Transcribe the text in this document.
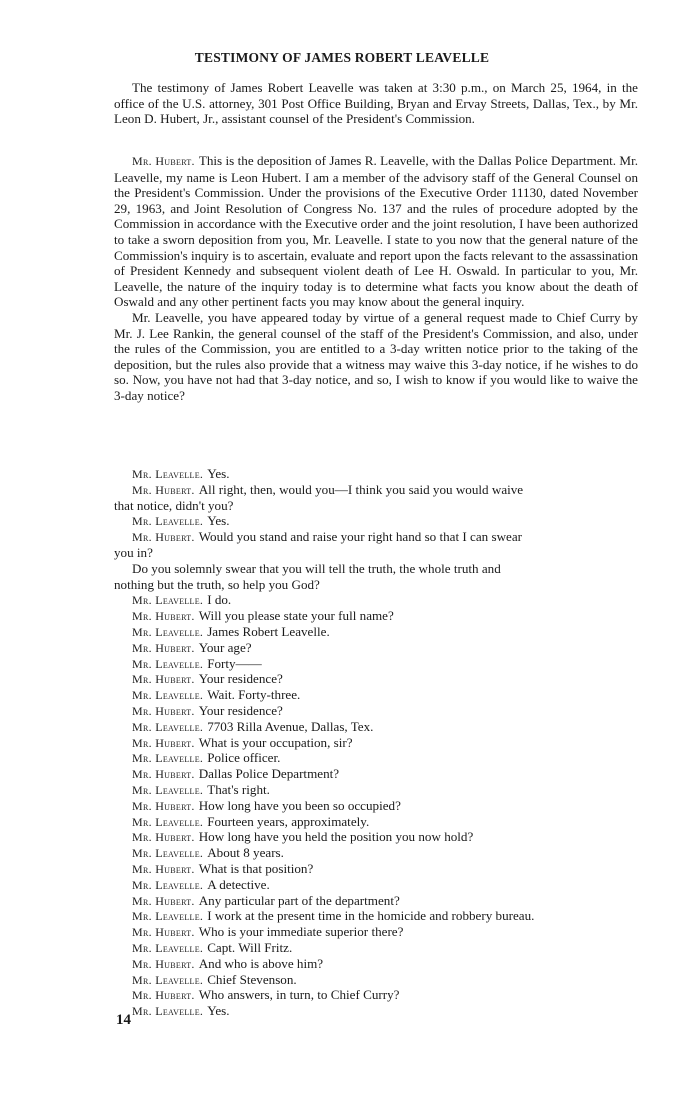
TESTIMONY OF JAMES ROBERT LEAVELLE

The testimony of James Robert Leavelle was taken at 3:30 p.m., on March 25, 1964, in the office of the U.S. attorney, 301 Post Office Building, Bryan and Ervay Streets, Dallas, Tex., by Mr. Leon D. Hubert, Jr., assistant counsel of the President's Commission.

Mr. Hubert. This is the deposition of James R. Leavelle, with the Dallas Police Department. Mr. Leavelle, my name is Leon Hubert. I am a member of the advisory staff of the General Counsel on the President's Commission. Under the provisions of the Executive Order 11130, dated November 29, 1963, and Joint Resolution of Congress No. 137 and the rules of procedure adopted by the Commission in accordance with the Executive order and the joint resolution, I have been authorized to take a sworn deposition from you, Mr. Leavelle. I state to you now that the general nature of the Commission's inquiry is to ascertain, evaluate and report upon the facts relevant to the assassination of President Kennedy and subsequent violent death of Lee H. Oswald. In particular to you, Mr. Leavelle, the nature of the inquiry today is to determine what facts you know about the death of Oswald and any other pertinent facts you may know about the general inquiry.

Mr. Leavelle, you have appeared today by virtue of a general request made to Chief Curry by Mr. J. Lee Rankin, the general counsel of the staff of the President's Commission, and also, under the rules of the Commission, you are entitled to a 3-day written notice prior to the taking of the deposition, but the rules also provide that a witness may waive this 3-day notice, if he wishes to do so. Now, you have not had that 3-day notice, and so, I wish to know if you would like to waive the 3-day notice?

Mr. Leavelle. Yes.
Mr. Hubert. All right, then, would you—I think you said you would waive
that notice, didn't you?
Mr. Leavelle. Yes.
Mr. Hubert. Would you stand and raise your right hand so that I can swear
you in?
Do you solemnly swear that you will tell the truth, the whole truth and
nothing but the truth, so help you God?
Mr. Leavelle. I do.
Mr. Hubert. Will you please state your full name?
Mr. Leavelle. James Robert Leavelle.
Mr. Hubert. Your age?
Mr. Leavelle. Forty——
Mr. Hubert. Your residence?
Mr. Leavelle. Wait. Forty-three.
Mr. Hubert. Your residence?
Mr. Leavelle. 7703 Rilla Avenue, Dallas, Tex.
Mr. Hubert. What is your occupation, sir?
Mr. Leavelle. Police officer.
Mr. Hubert. Dallas Police Department?
Mr. Leavelle. That's right.
Mr. Hubert. How long have you been so occupied?
Mr. Leavelle. Fourteen years, approximately.
Mr. Hubert. How long have you held the position you now hold?
Mr. Leavelle. About 8 years.
Mr. Hubert. What is that position?
Mr. Leavelle. A detective.
Mr. Hubert. Any particular part of the department?
Mr. Leavelle. I work at the present time in the homicide and robbery bureau.
Mr. Hubert. Who is your immediate superior there?
Mr. Leavelle. Capt. Will Fritz.
Mr. Hubert. And who is above him?
Mr. Leavelle. Chief Stevenson.
Mr. Hubert. Who answers, in turn, to Chief Curry?
Mr. Leavelle. Yes.
14
